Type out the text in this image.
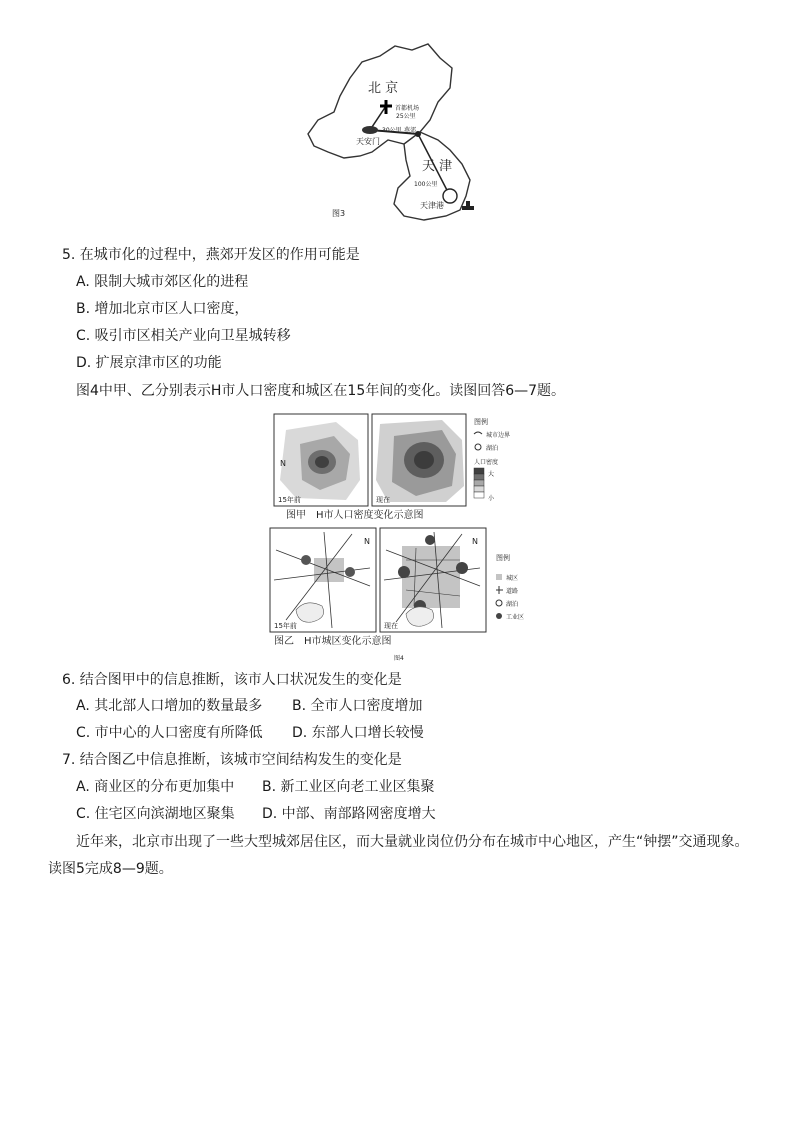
北 京
首都机场
25公里
30公里 燕郊
天安门
天 津
100公里
天津港
图3
5. 在城市化的过程中，燕郊开发区的作用可能是
A. 限制大城市郊区化的进程
B. 增加北京市区人口密度，
C. 吸引市区相关产业向卫星城转移
D. 扩展京津市区的功能
图4中甲、乙分别表示H市人口密度和城区在15年间的变化。读图回答6—7题。
N
15年前	现在
图例
城市边界
湖泊
人口密度
大
小
图甲　H市人口密度变化示意图
N
15年前
N
现在
图例
城区
道路
湖泊
工业区
图乙　H市城区变化示意图
图4
6. 结合图甲中的信息推断，该市人口状况发生的变化是
A. 其北部人口增加的数量最多 B. 全市人口密度增加
C. 市中心的人口密度有所降低 D. 东部人口增长较慢
7. 结合图乙中信息推断，该城市空间结构发生的变化是
A. 商业区的分布更加集中 B. 新工业区向老工业区集聚
C. 住宅区向滨湖地区聚集 D. 中部、南部路网密度增大
近年来，北京市出现了一些大型城郊居住区，而大量就业岗位仍分布在城市中心地区，产生“钟摆”交通现象。读图5完成8—9题。
